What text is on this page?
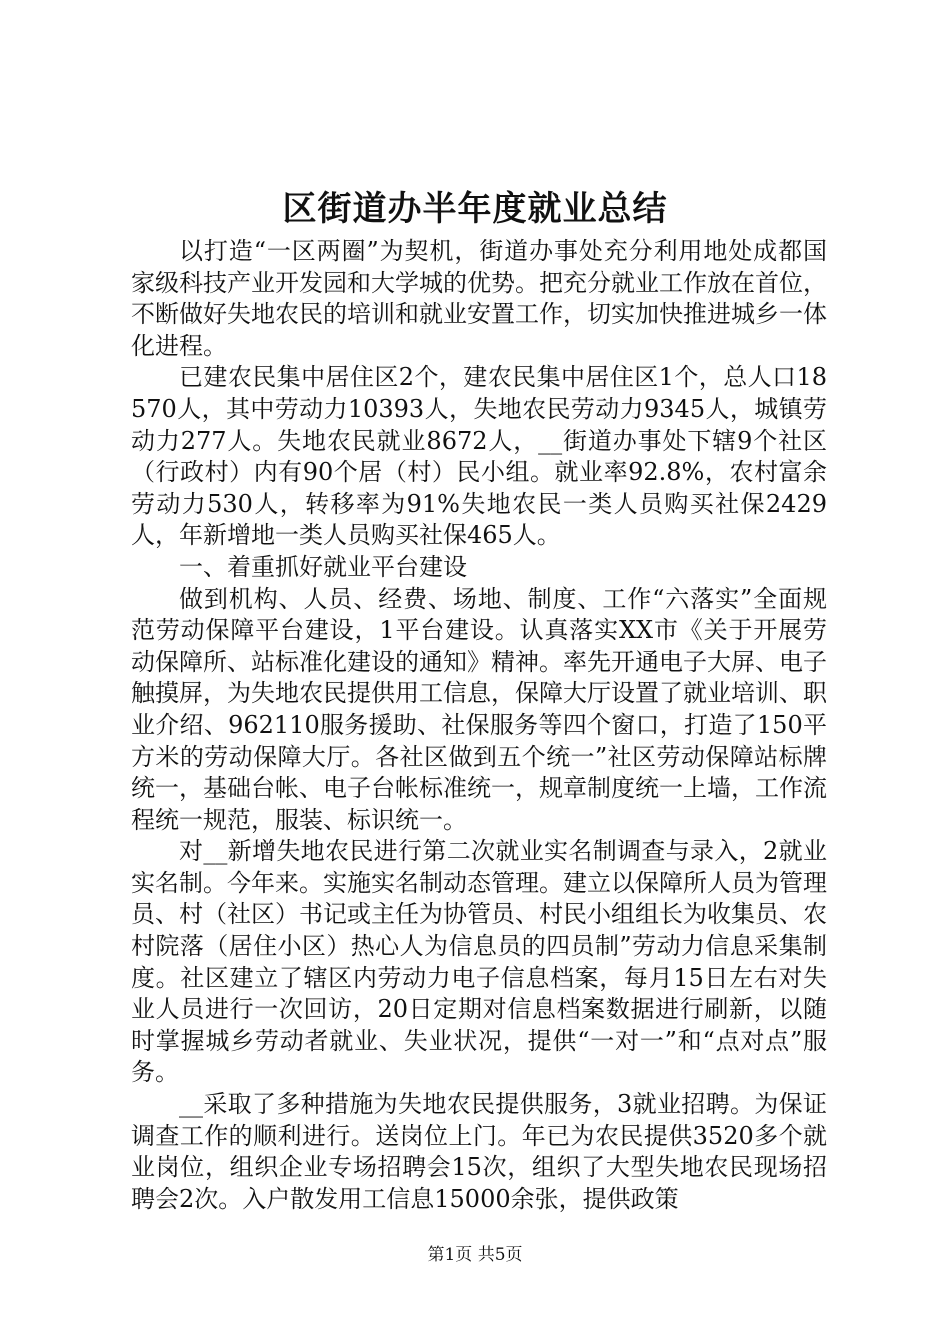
区街道办半年度就业总结

以打造“一区两圈”为契机，街道办事处充分利用地处成都国家级科技产业开发园和大学城的优势。把充分就业工作放在首位，不断做好失地农民的培训和就业安置工作，切实加快推进城乡一体化进程。

已建农民集中居住区2个，建农民集中居住区1个，总人口18570人，其中劳动力10393人，失地农民劳动力9345人，城镇劳动力277人。失地农民就业8672人，__街道办事处下辖9个社区（行政村）内有90个居（村）民小组。就业率92.8%，农村富余劳动力530人，转移率为91%失地农民一类人员购买社保2429人，年新增地一类人员购买社保465人。

一、着重抓好就业平台建设

做到机构、人员、经费、场地、制度、工作“六落实”全面规范劳动保障平台建设，1平台建设。认真落实XX市《关于开展劳动保障所、站标准化建设的通知》精神。率先开通电子大屏、电子触摸屏，为失地农民提供用工信息，保障大厅设置了就业培训、职业介绍、962110服务援助、社保服务等四个窗口，打造了150平方米的劳动保障大厅。各社区做到五个统一”社区劳动保障站标牌统一，基础台帐、电子台帐标准统一，规章制度统一上墙，工作流程统一规范，服装、标识统一。

对__新增失地农民进行第二次就业实名制调查与录入，2就业实名制。今年来。实施实名制动态管理。建立以保障所人员为管理员、村（社区）书记或主任为协管员、村民小组组长为收集员、农村院落（居住小区）热心人为信息员的四员制”劳动力信息采集制度。社区建立了辖区内劳动力电子信息档案，每月15日左右对失业人员进行一次回访，20日定期对信息档案数据进行刷新，以随时掌握城乡劳动者就业、失业状况，提供“一对一”和“点对点”服务。

__采取了多种措施为失地农民提供服务，3就业招聘。为保证调查工作的顺利进行。送岗位上门。年已为农民提供3520多个就业岗位，组织企业专场招聘会15次，组织了大型失地农民现场招聘会2次。入户散发用工信息15000余张，提供政策

第1页 共5页
